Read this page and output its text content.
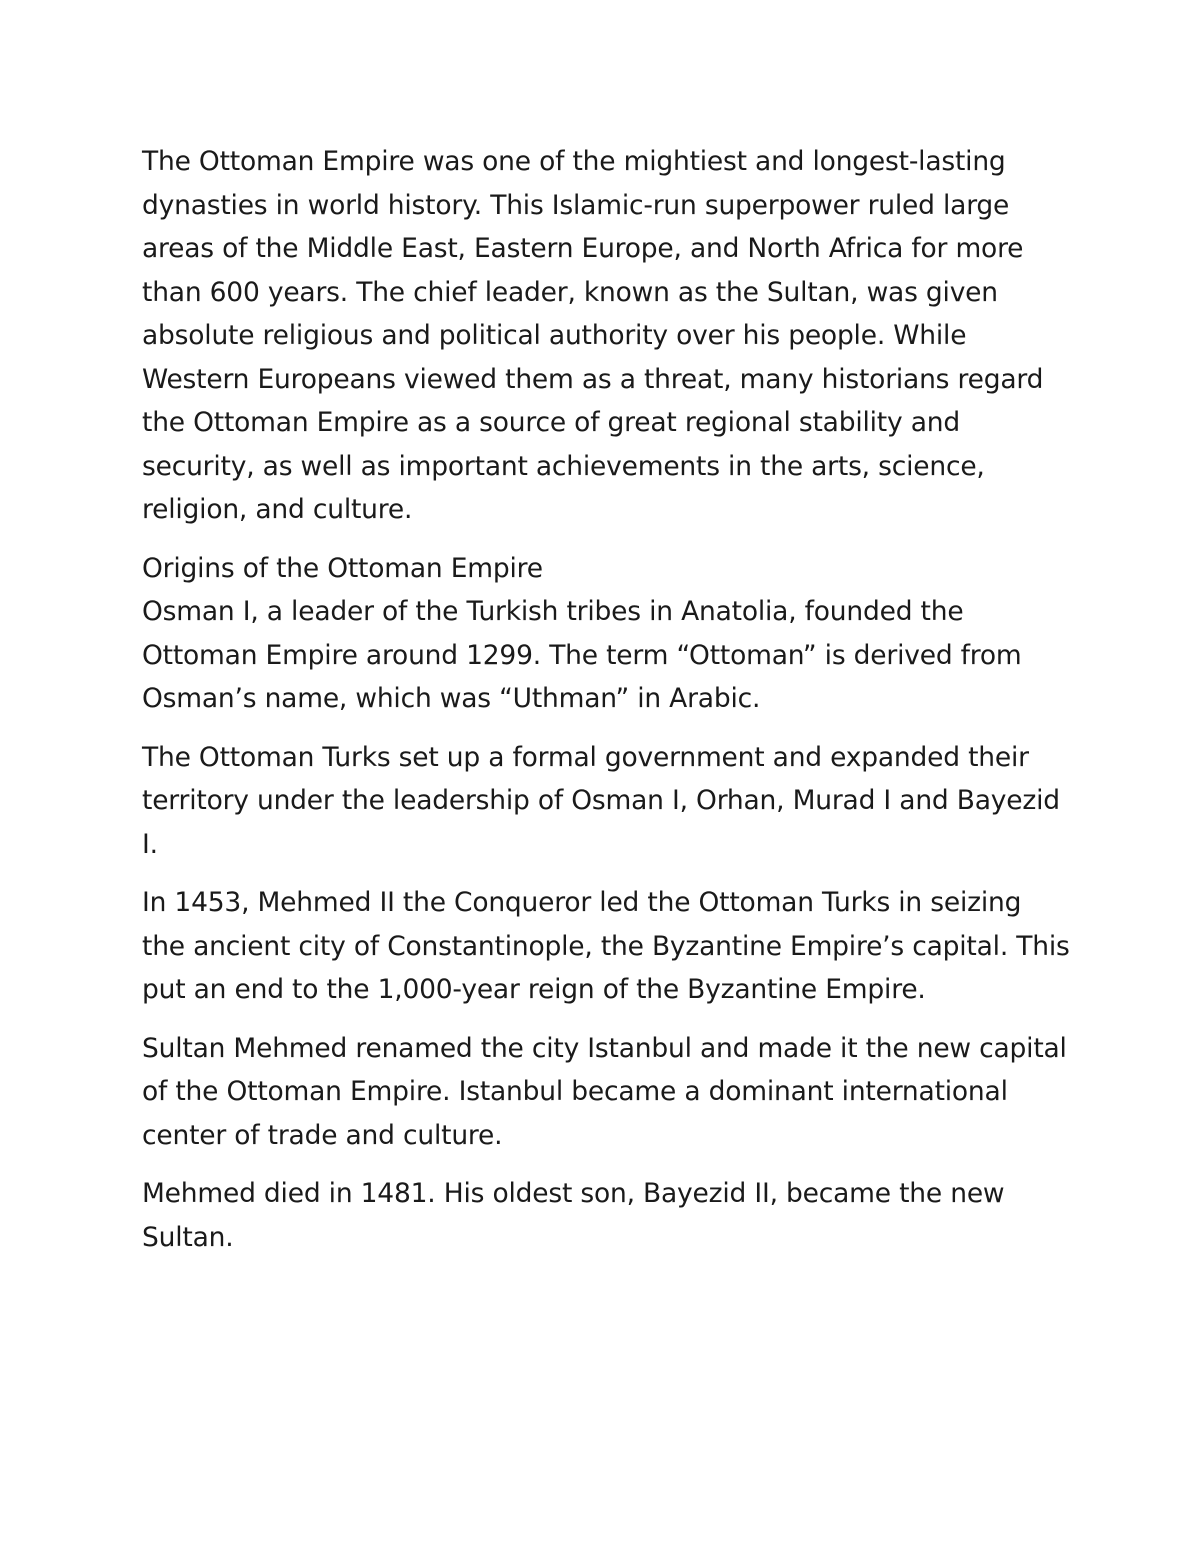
The Ottoman Empire was one of the mightiest and longest-lasting dynasties in world history. This Islamic-run superpower ruled large areas of the Middle East, Eastern Europe, and North Africa for more than 600 years. The chief leader, known as the Sultan, was given absolute religious and political authority over his people. While Western Europeans viewed them as a threat, many historians regard the Ottoman Empire as a source of great regional stability and security, as well as important achievements in the arts, science, religion, and culture.

Origins of the Ottoman Empire

Osman I, a leader of the Turkish tribes in Anatolia, founded the Ottoman Empire around 1299. The term “Ottoman” is derived from Osman’s name, which was “Uthman” in Arabic.

The Ottoman Turks set up a formal government and expanded their territory under the leadership of Osman I, Orhan, Murad I and Bayezid I.

In 1453, Mehmed II the Conqueror led the Ottoman Turks in seizing the ancient city of Constantinople, the Byzantine Empire’s capital. This put an end to the 1,000-year reign of the Byzantine Empire.

Sultan Mehmed renamed the city Istanbul and made it the new capital of the Ottoman Empire. Istanbul became a dominant international center of trade and culture.

Mehmed died in 1481. His oldest son, Bayezid II, became the new Sultan.
